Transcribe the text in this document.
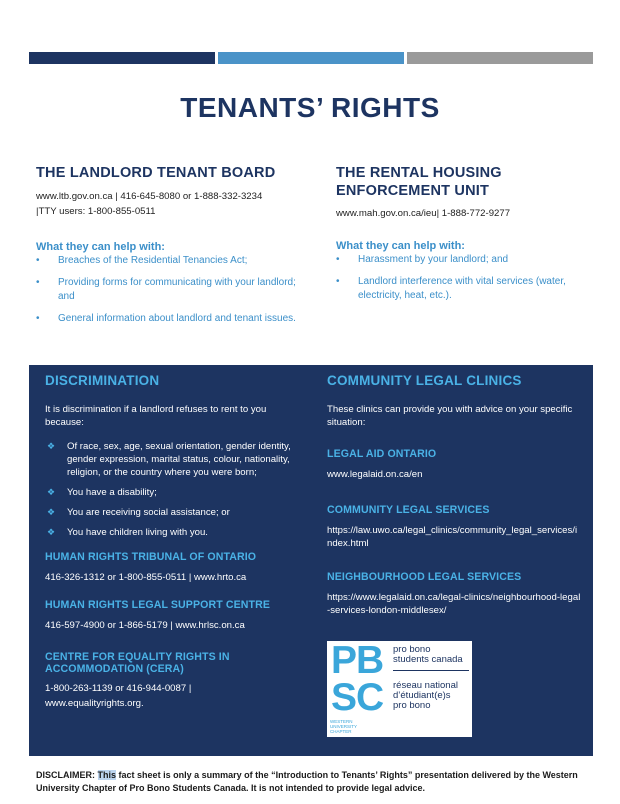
TENANTS’ RIGHTS
THE LANDLORD TENANT BOARD
www.ltb.gov.on.ca | 416-645-8080 or 1-888-332-3234
|TTY users: 1-800-855-0511
What they can help with:
• Breaches of the Residential Tenancies Act;
• Providing forms for communicating with your landlord; and
• General information about landlord and tenant issues.
THE RENTAL HOUSING
ENFORCEMENT UNIT
www.mah.gov.on.ca/ieu| 1-888-772-9277
What they can help with:
• Harassment by your landlord; and
• Landlord interference with vital services (water, electricity, heat, etc.).
DISCRIMINATION
It is discrimination if a landlord refuses to rent to you because:
❖ Of race, sex, age, sexual orientation, gender identity, gender expression, marital status, colour, nationality, religion, or the country where you were born;
❖ You have a disability;
❖ You are receiving social assistance; or
❖ You have children living with you.
HUMAN RIGHTS TRIBUNAL OF ONTARIO
416-326-1312 or 1-800-855-0511 | www.hrto.ca
HUMAN RIGHTS LEGAL SUPPORT CENTRE
416-597-4900 or 1-866-5179 | www.hrlsc.on.ca
CENTRE FOR EQUALITY RIGHTS IN ACCOMMODATION (CERA)
1-800-263-1139 or 416-944-0087 |
www.equalityrights.org.
COMMUNITY LEGAL CLINICS
These clinics can provide you with advice on your specific situation:
LEGAL AID ONTARIO
www.legalaid.on.ca/en
COMMUNITY LEGAL SERVICES
https://law.uwo.ca/legal_clinics/community_legal_services/index.html
NEIGHBOURHOOD LEGAL SERVICES
https://www.legalaid.on.ca/legal-clinics/neighbourhood-legal-services-london-middlesex/
PB
SC
pro bono
students canada
réseau national
d’étudiant(e)s
pro bono
WESTERN
UNIVERSITY
CHAPTER
DISCLAIMER: This fact sheet is only a summary of the “Introduction to Tenants’ Rights” presentation delivered by the Western University Chapter of Pro Bono Students Canada. It is not intended to provide legal advice.
